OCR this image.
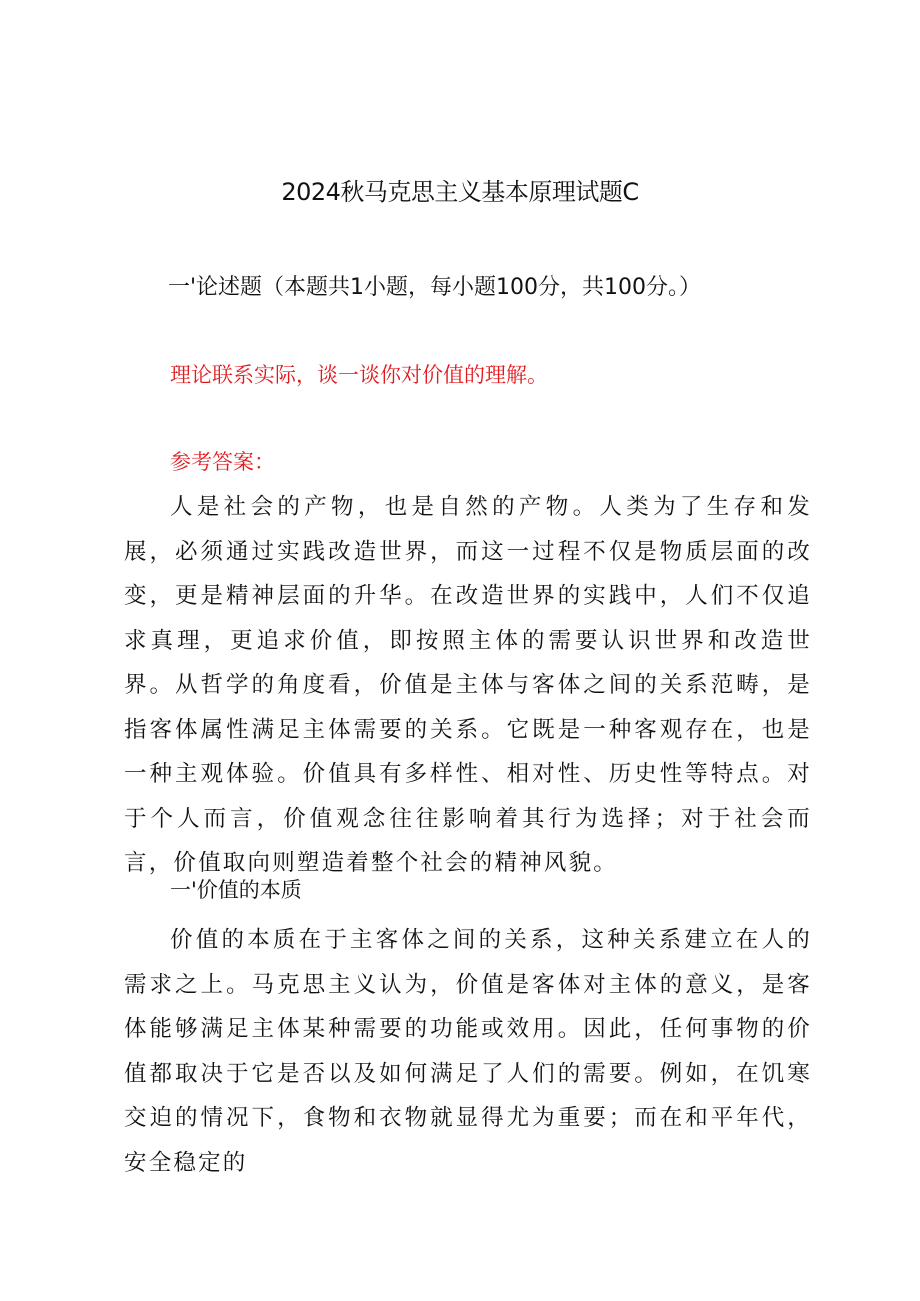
2024秋马克思主义基本原理试题C
一'论述题（本题共1小题，每小题100分，共100分。）

理论联系实际，谈一谈你对价值的理解。

参考答案：

人是社会的产物，也是自然的产物。人类为了生存和发展，必须通过实践改造世界，而这一过程不仅是物质层面的改变，更是精神层面的升华。在改造世界的实践中，人们不仅追求真理，更追求价值，即按照主体的需要认识世界和改造世界。从哲学的角度看，价值是主体与客体之间的关系范畴，是指客体属性满足主体需要的关系。它既是一种客观存在，也是一种主观体验。价值具有多样性、相对性、历史性等特点。对于个人而言，价值观念往往影响着其行为选择；对于社会而言，价值取向则塑造着整个社会的精神风貌。

一'价值的本质

价值的本质在于主客体之间的关系，这种关系建立在人的需求之上。马克思主义认为，价值是客体对主体的意义，是客体能够满足主体某种需要的功能或效用。因此，任何事物的价值都取决于它是否以及如何满足了人们的需要。例如，在饥寒交迫的情况下，食物和衣物就显得尤为重要；而在和平年代，安全稳定的
